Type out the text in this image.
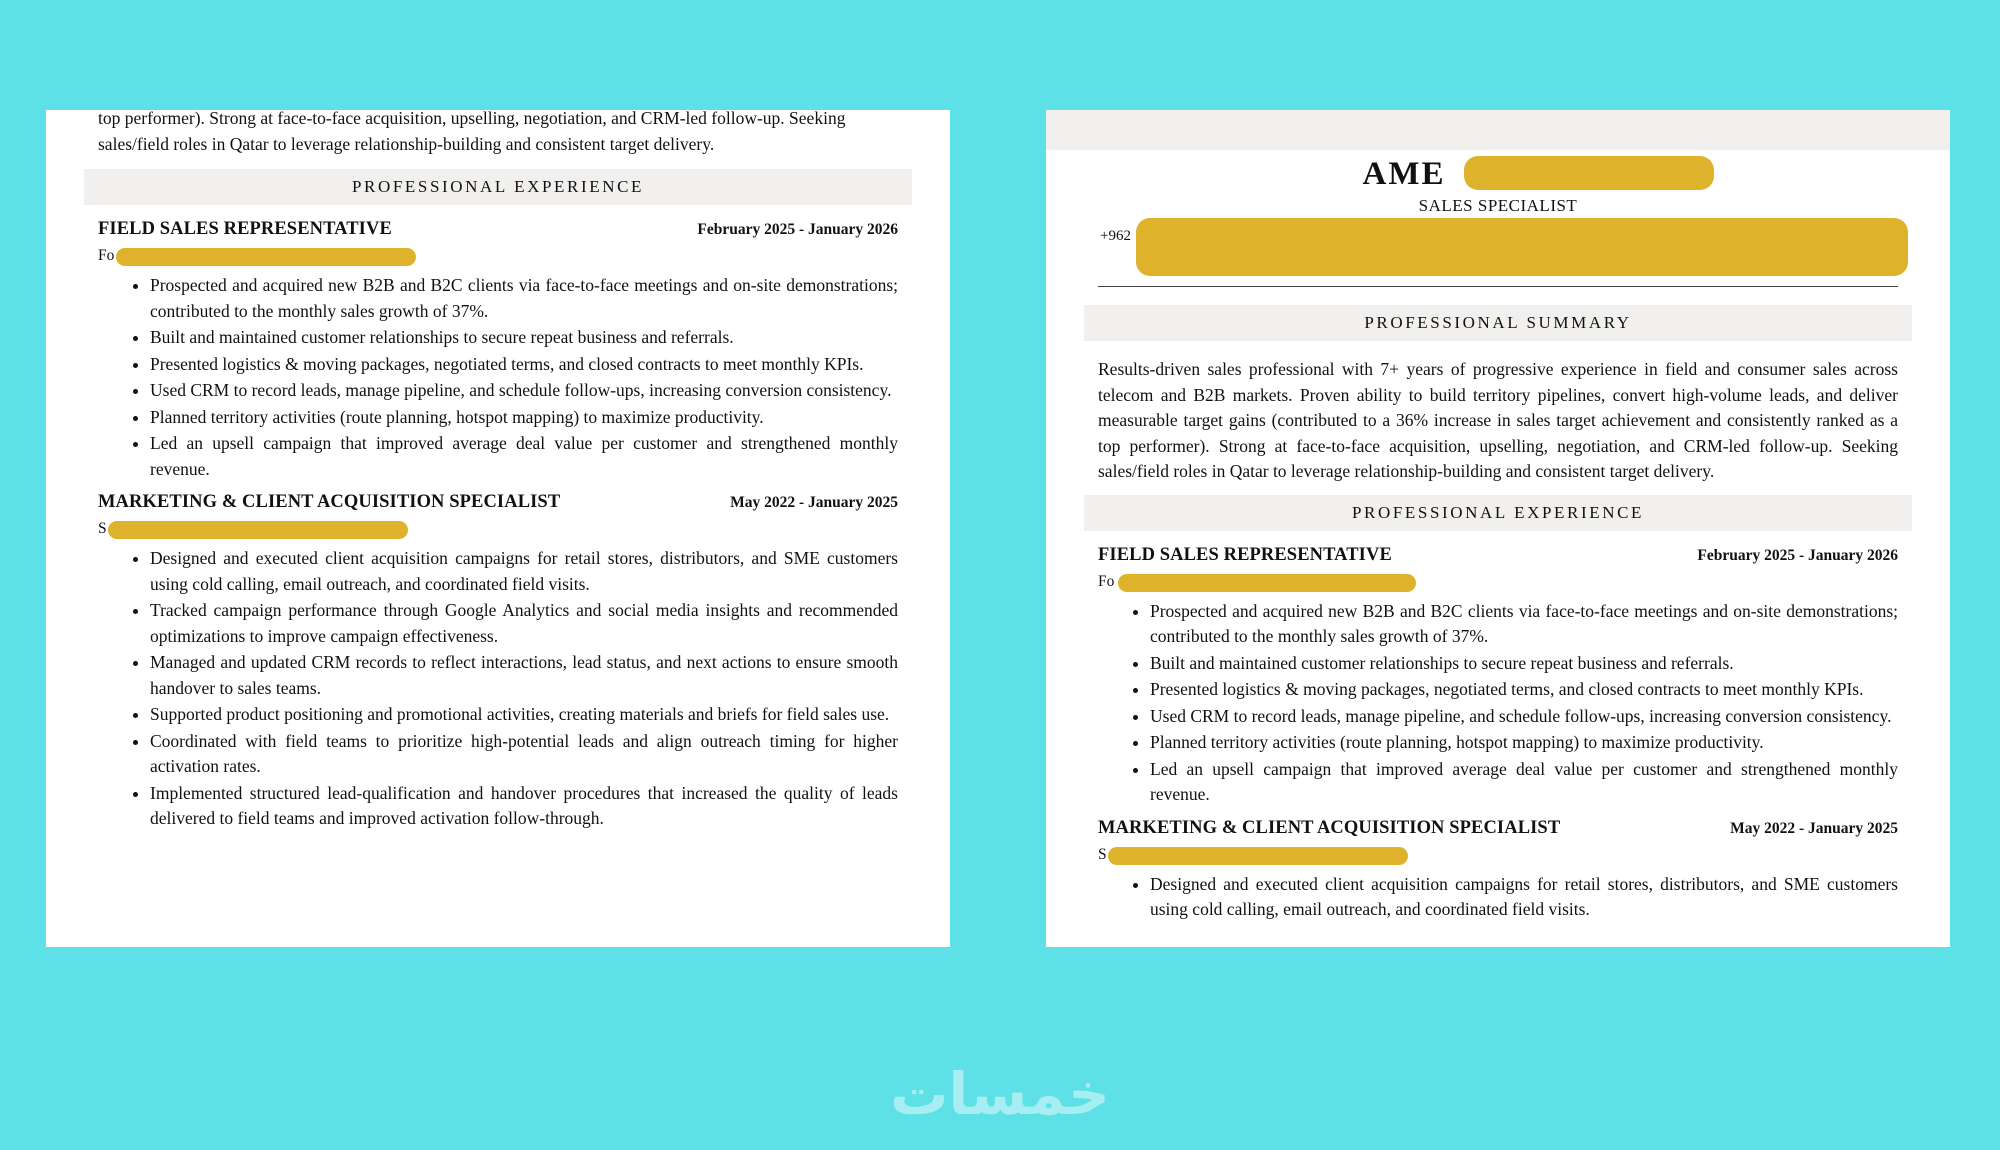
top performer). Strong at face-to-face acquisition, upselling, negotiation, and CRM-led follow-up. Seeking

sales/field roles in Qatar to leverage relationship-building and consistent target delivery.

PROFESSIONAL EXPERIENCE
FIELD SALES REPRESENTATIVE	February 2025 - January 2026
Fo
• Prospected and acquired new B2B and B2C clients via face-to-face meetings and on-site demonstrations; contributed to the monthly sales growth of 37%.
• Built and maintained customer relationships to secure repeat business and referrals.
• Presented logistics & moving packages, negotiated terms, and closed contracts to meet monthly KPIs.
• Used CRM to record leads, manage pipeline, and schedule follow-ups, increasing conversion consistency.
• Planned territory activities (route planning, hotspot mapping) to maximize productivity.
• Led an upsell campaign that improved average deal value per customer and strengthened monthly revenue.
MARKETING & CLIENT ACQUISITION SPECIALIST	May 2022 - January 2025
S
• Designed and executed client acquisition campaigns for retail stores, distributors, and SME customers using cold calling, email outreach, and coordinated field visits.
• Tracked campaign performance through Google Analytics and social media insights and recommended optimizations to improve campaign effectiveness.
• Managed and updated CRM records to reflect interactions, lead status, and next actions to ensure smooth handover to sales teams.
• Supported product positioning and promotional activities, creating materials and briefs for field sales use.
• Coordinated with field teams to prioritize high-potential leads and align outreach timing for higher activation rates.
• Implemented structured lead-qualification and handover procedures that increased the quality of leads delivered to field teams and improved activation follow-through.
AME
SALES SPECIALIST
+962
PROFESSIONAL SUMMARY

Results-driven sales professional with 7+ years of progressive experience in field and consumer sales across telecom and B2B markets. Proven ability to build territory pipelines, convert high-volume leads, and deliver measurable target gains (contributed to a 36% increase in sales target achievement and consistently ranked as a top performer). Strong at face-to-face acquisition, upselling, negotiation, and CRM-led follow-up. Seeking sales/field roles in Qatar to leverage relationship-building and consistent target delivery.

PROFESSIONAL EXPERIENCE
FIELD SALES REPRESENTATIVE	February 2025 - January 2026
Fo
• Prospected and acquired new B2B and B2C clients via face-to-face meetings and on-site demonstrations; contributed to the monthly sales growth of 37%.
• Built and maintained customer relationships to secure repeat business and referrals.
• Presented logistics & moving packages, negotiated terms, and closed contracts to meet monthly KPIs.
• Used CRM to record leads, manage pipeline, and schedule follow-ups, increasing conversion consistency.
• Planned territory activities (route planning, hotspot mapping) to maximize productivity.
• Led an upsell campaign that improved average deal value per customer and strengthened monthly revenue.
MARKETING & CLIENT ACQUISITION SPECIALIST	May 2022 - January 2025
S
• Designed and executed client acquisition campaigns for retail stores, distributors, and SME customers using cold calling, email outreach, and coordinated field visits.
خمسات
